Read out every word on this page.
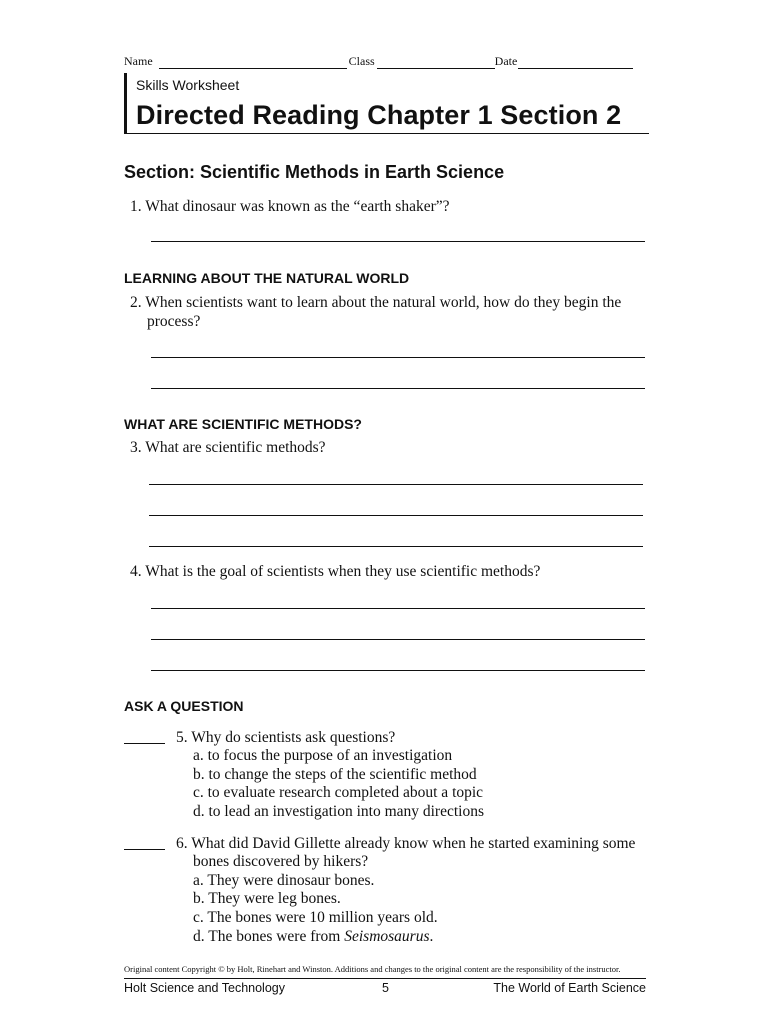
Name	Class	Date
Skills Worksheet
Directed Reading Chapter 1 Section 2
Section: Scientific Methods in Earth Science
1. What dinosaur was known as the “earth shaker”?
LEARNING ABOUT THE NATURAL WORLD
2. When scientists want to learn about the natural world, how do they begin the
process?
WHAT ARE SCIENTIFIC METHODS?
3. What are scientific methods?
4. What is the goal of scientists when they use scientific methods?
ASK A QUESTION
5. Why do scientists ask questions?
a. to focus the purpose of an investigation
b. to change the steps of the scientific method
c. to evaluate research completed about a topic
d. to lead an investigation into many directions
6. What did David Gillette already know when he started examining some
bones discovered by hikers?
a. They were dinosaur bones.
b. They were leg bones.
c. The bones were 10 million years old.
d. The bones were from Seismosaurus.
Original content Copyright © by Holt, Rinehart and Winston. Additions and changes to the original content are the responsibility of the instructor.
Holt Science and Technology	5	The World of Earth Science
